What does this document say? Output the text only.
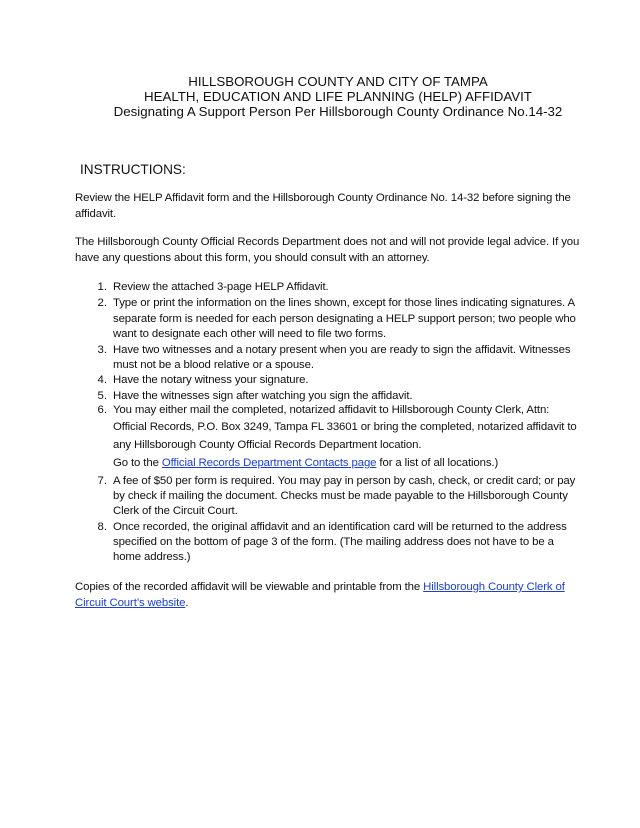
HILLSBOROUGH COUNTY AND CITY OF TAMPA
HEALTH, EDUCATION AND LIFE PLANNING (HELP) AFFIDAVIT
Designating A Support Person Per Hillsborough County Ordinance No.14-32
INSTRUCTIONS:
Review the HELP Affidavit form and the Hillsborough County Ordinance No. 14-32 before signing the
affidavit.
The Hillsborough County Official Records Department does not and will not provide legal advice. If you
have any questions about this form, you should consult with an attorney.
1. Review the attached 3-page HELP Affidavit.
2. Type or print the information on the lines shown, except for those lines indicating signatures. A
separate form is needed for each person designating a HELP support person; two people who
want to designate each other will need to file two forms.
3. Have two witnesses and a notary present when you are ready to sign the affidavit. Witnesses
must not be a blood relative or a spouse.
4. Have the notary witness your signature.
5. Have the witnesses sign after watching you sign the affidavit.
6. You may either mail the completed, notarized affidavit to Hillsborough County Clerk, Attn:
Official Records, P.O. Box 3249, Tampa FL 33601 or bring the completed, notarized affidavit to
any Hillsborough County Official Records Department location.
Go to the Official Records Department Contacts page for a list of all locations.)
7. A fee of $50 per form is required. You may pay in person by cash, check, or credit card; or pay
by check if mailing the document. Checks must be made payable to the Hillsborough County
Clerk of the Circuit Court.
8. Once recorded, the original affidavit and an identification card will be returned to the address
specified on the bottom of page 3 of the form. (The mailing address does not have to be a
home address.)
Copies of the recorded affidavit will be viewable and printable from the Hillsborough County Clerk of
Circuit Court’s website.
